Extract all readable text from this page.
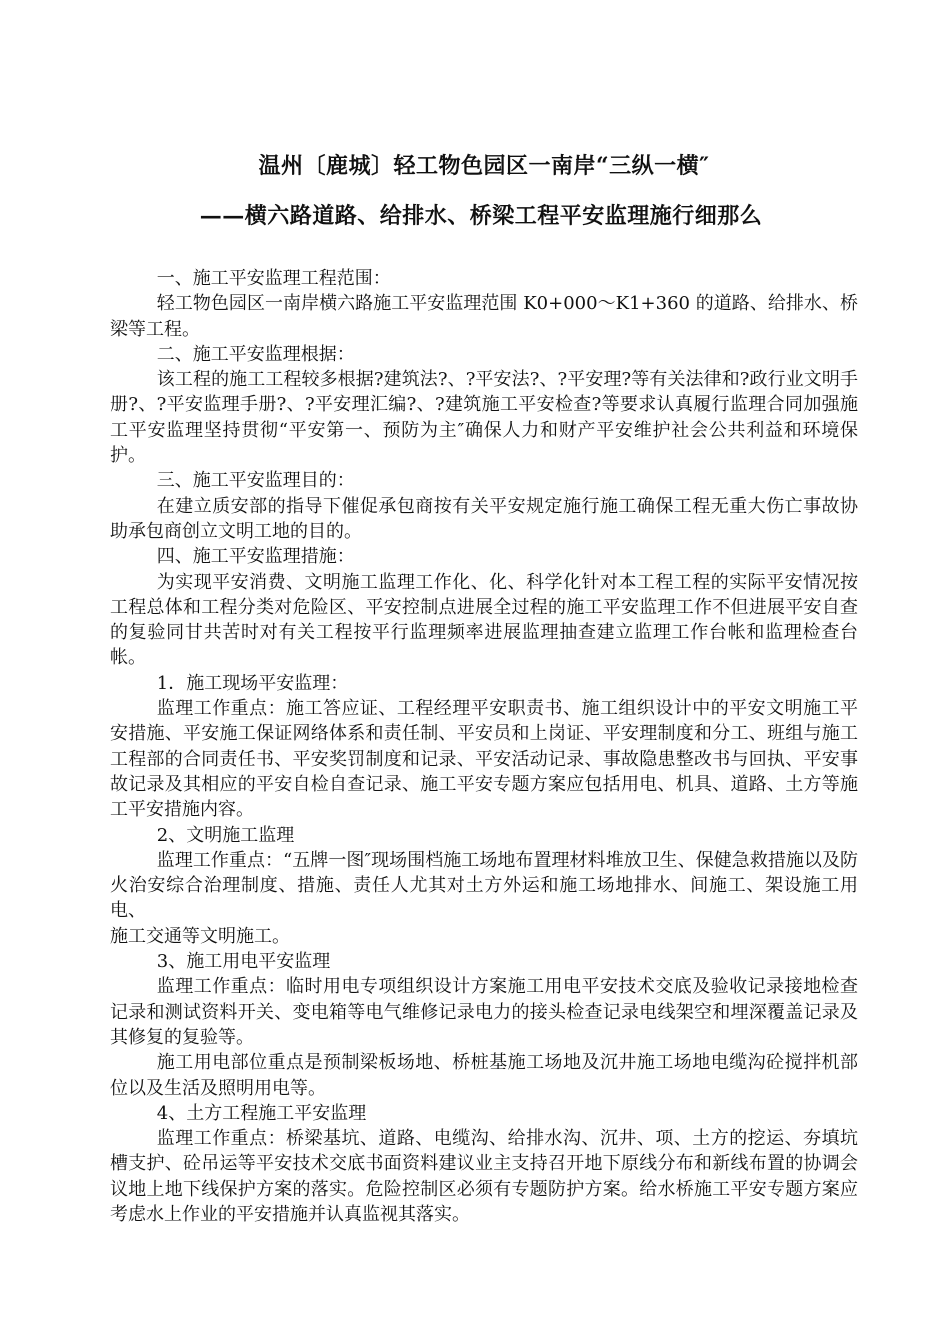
温州〔鹿城〕轻工物色园区一南岸“三纵一横″
——横六路道路、给排水、桥梁工程平安监理施行细那么

一、施工平安监理工程范围：

轻工物色园区一南岸横六路施工平安监理范围 K0+000～K1+360 的道路、给排水、桥梁等工程。

二、施工平安监理根据：

该工程的施工工程较多根据?建筑法?、?平安法?、?平安理?等有关法律和?政行业文明手册?、?平安监理手册?、?平安理汇编?、?建筑施工平安检查?等要求认真履行监理合同加强施工平安监理坚持贯彻“平安第一、预防为主″确保人力和财产平安维护社会公共利益和环境保护。

三、施工平安监理目的：

在建立质安部的指导下催促承包商按有关平安规定施行施工确保工程无重大伤亡事故协助承包商创立文明工地的目的。

四、施工平安监理措施：

为实现平安消费、文明施工监理工作化、化、科学化针对本工程工程的实际平安情况按工程总体和工程分类对危险区、平安控制点进展全过程的施工平安监理工作不但进展平安自查的复验同甘共苦时对有关工程按平行监理频率进展监理抽查建立监理工作台帐和监理检查台帐。

1．施工现场平安监理：

监理工作重点：施工答应证、工程经理平安职责书、施工组织设计中的平安文明施工平安措施、平安施工保证网络体系和责任制、平安员和上岗证、平安理制度和分工、班组与施工工程部的合同责任书、平安奖罚制度和记录、平安活动记录、事故隐患整改书与回执、平安事故记录及其相应的平安自检自查记录、施工平安专题方案应包括用电、机具、道路、土方等施工平安措施内容。

2、文明施工监理

监理工作重点：“五牌一图″现场围档施工场地布置理材料堆放卫生、保健急救措施以及防火治安综合治理制度、措施、责任人尤其对土方外运和施工场地排水、间施工、架设施工用电、

施工交通等文明施工。

3、施工用电平安监理

监理工作重点：临时用电专项组织设计方案施工用电平安技术交底及验收记录接地检查记录和测试资料开关、变电箱等电气维修记录电力的接头检查记录电线架空和埋深覆盖记录及其修复的复验等。

施工用电部位重点是预制梁板场地、桥桩基施工场地及沉井施工场地电缆沟砼搅拌机部位以及生活及照明用电等。

4、土方工程施工平安监理

监理工作重点：桥梁基坑、道路、电缆沟、给排水沟、沉井、项、土方的挖运、夯填坑槽支护、砼吊运等平安技术交底书面资料建议业主支持召开地下原线分布和新线布置的协调会议地上地下线保护方案的落实。危险控制区必须有专题防护方案。给水桥施工平安专题方案应考虑水上作业的平安措施并认真监视其落实。
